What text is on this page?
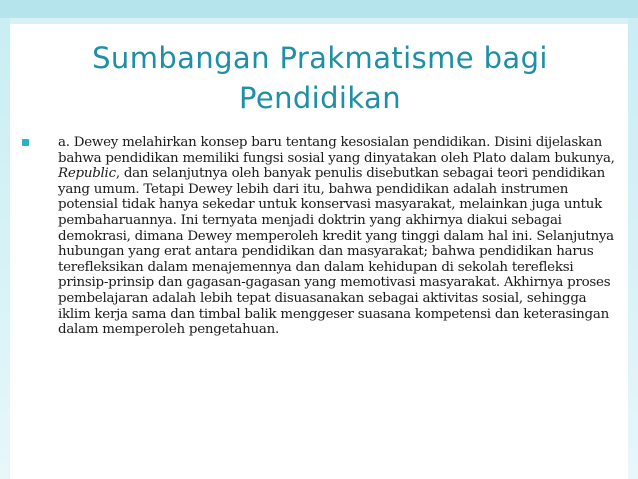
Sumbangan Prakmatisme bagi
Pendidikan

a. Dewey melahirkan konsep baru tentang kesosialan pendidikan. Disini dijelaskan bahwa pendidikan memiliki fungsi sosial yang dinyatakan oleh Plato dalam bukunya, Republic, dan selanjutnya oleh banyak penulis disebutkan sebagai teori pendidikan yang umum. Tetapi Dewey lebih dari itu, bahwa pendidikan adalah instrumen potensial tidak hanya sekedar untuk konservasi masyarakat, melainkan juga untuk pembaharuannya. Ini ternyata menjadi doktrin yang akhirnya diakui sebagai demokrasi, dimana Dewey memperoleh kredit yang tinggi dalam hal ini. Selanjutnya hubungan yang erat antara pendidikan dan masyarakat; bahwa pendidikan harus terefleksikan dalam menajemennya dan dalam kehidupan di sekolah terefleksi prinsip-prinsip dan gagasan-gagasan yang memotivasi masyarakat. Akhirnya proses pembelajaran adalah lebih tepat disuasanakan sebagai aktivitas sosial, sehingga iklim kerja sama dan timbal balik menggeser suasana kompetensi dan keterasingan dalam memperoleh pengetahuan.
